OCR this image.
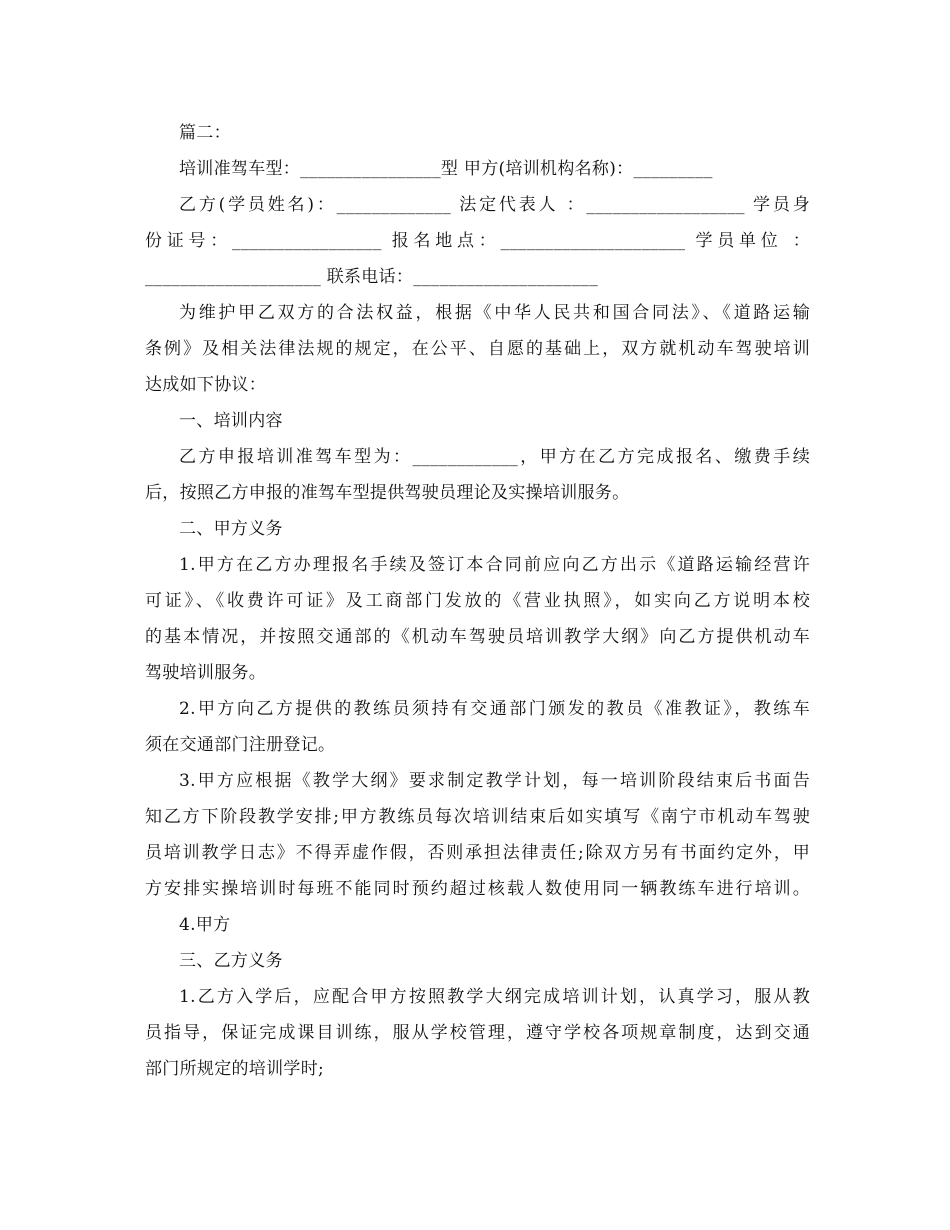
篇二：
培训准驾车型：________________型 甲方(培训机构名称)：_________
乙方(学员姓名)：_____________ 法定代表人 ：__________________ 学员身
份证号：_________________ 报名地点：_____________________ 学员单位 ：
____________________ 联系电话：_____________________
为维护甲乙双方的合法权益，根据《中华人民共和国合同法》、《道路运输
条例》及相关法律法规的规定，在公平、自愿的基础上，双方就机动车驾驶培训
达成如下协议：
一、培训内容
乙方申报培训准驾车型为：____________，甲方在乙方完成报名、缴费手续
后，按照乙方申报的准驾车型提供驾驶员理论及实操培训服务。
二、甲方义务
1.甲方在乙方办理报名手续及签订本合同前应向乙方出示《道路运输经营许
可证》、《收费许可证》及工商部门发放的《营业执照》，如实向乙方说明本校
的基本情况，并按照交通部的《机动车驾驶员培训教学大纲》向乙方提供机动车
驾驶培训服务。
2.甲方向乙方提供的教练员须持有交通部门颁发的教员《准教证》，教练车
须在交通部门注册登记。
3.甲方应根据《教学大纲》要求制定教学计划，每一培训阶段结束后书面告
知乙方下阶段教学安排;甲方教练员每次培训结束后如实填写《南宁市机动车驾驶
员培训教学日志》不得弄虚作假，否则承担法律责任;除双方另有书面约定外，甲
方安排实操培训时每班不能同时预约超过核载人数使用同一辆教练车进行培训。
4.甲方
三、乙方义务
1.乙方入学后，应配合甲方按照教学大纲完成培训计划，认真学习，服从教
员指导，保证完成课目训练，服从学校管理，遵守学校各项规章制度，达到交通
部门所规定的培训学时;
